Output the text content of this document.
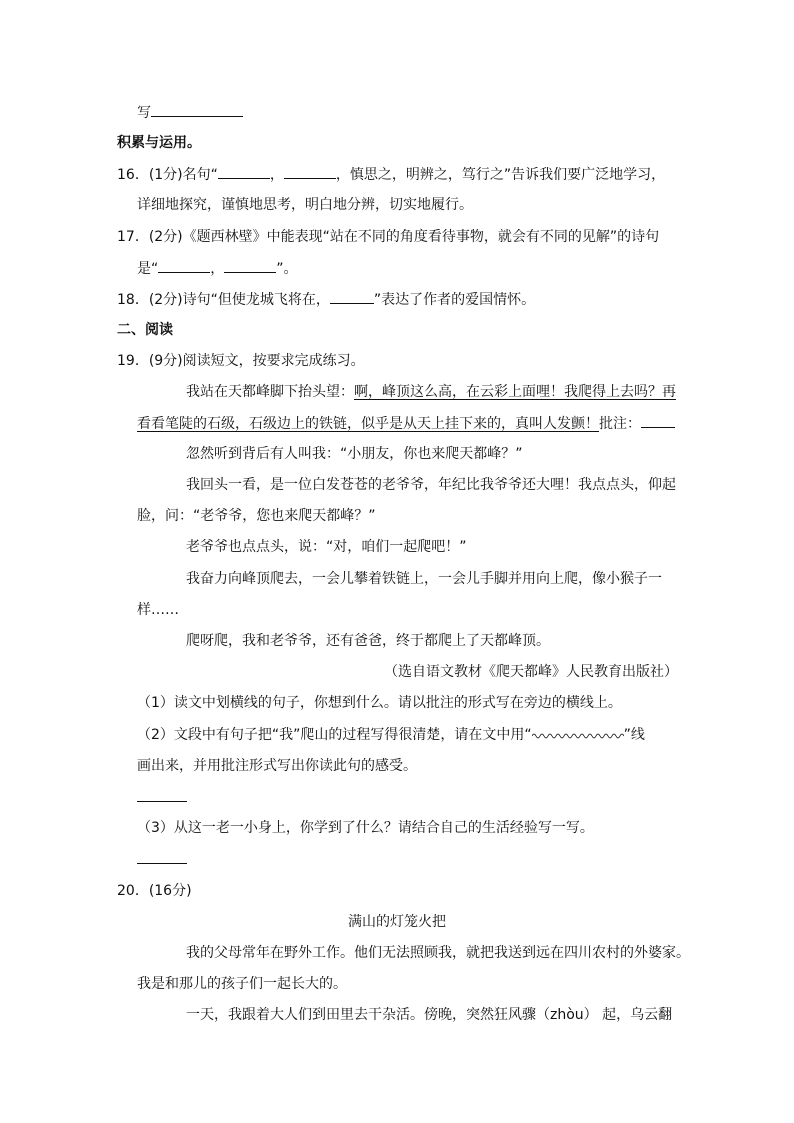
写
积累与运用。
16．(1分)名句“	，	，慎思之，明辨之，笃行之”告诉我们要广泛地学习，
详细地探究，谨慎地思考，明白地分辨，切实地履行。
17．(2分)《题西林壁》中能表现“站在不同的角度看待事物，就会有不同的见解”的诗句
是“	，	”。
18．(2分)诗句“但使龙城飞将在，	”表达了作者的爱国情怀。
二、阅读
19．(9分)阅读短文，按要求完成练习。
我站在天都峰脚下抬头望：啊，峰顶这么高，在云彩上面哩！我爬得上去吗？再
看看笔陡的石级，石级边上的铁链，似乎是从天上挂下来的，真叫人发颤！批注：
忽然听到背后有人叫我：“小朋友，你也来爬天都峰？”
我回头一看，是一位白发苍苍的老爷爷，年纪比我爷爷还大哩！我点点头，仰起
脸，问：“老爷爷，您也来爬天都峰？”
老爷爷也点点头，说：“对，咱们一起爬吧！”
我奋力向峰顶爬去，一会儿攀着铁链上，一会儿手脚并用向上爬，像小猴子一
样……
爬呀爬，我和老爷爷，还有爸爸，终于都爬上了天都峰顶。
（选自语文教材《爬天都峰》人民教育出版社）
（1）读文中划横线的句子，你想到什么。请以批注的形式写在旁边的横线上。
（2）文段中有句子把“我”爬山的过程写得很清楚，请在文中用“	”线
画出来，并用批注形式写出你读此句的感受。
（3）从这一老一小身上，你学到了什么？请结合自己的生活经验写一写。
20．(16分)
满山的灯笼火把
我的父母常年在野外工作。他们无法照顾我，就把我送到远在四川农村的外婆家。
我是和那儿的孩子们一起长大的。
一天，我跟着大人们到田里去干杂活。傍晚，突然狂风骤（zhòu） 起，乌云翻
